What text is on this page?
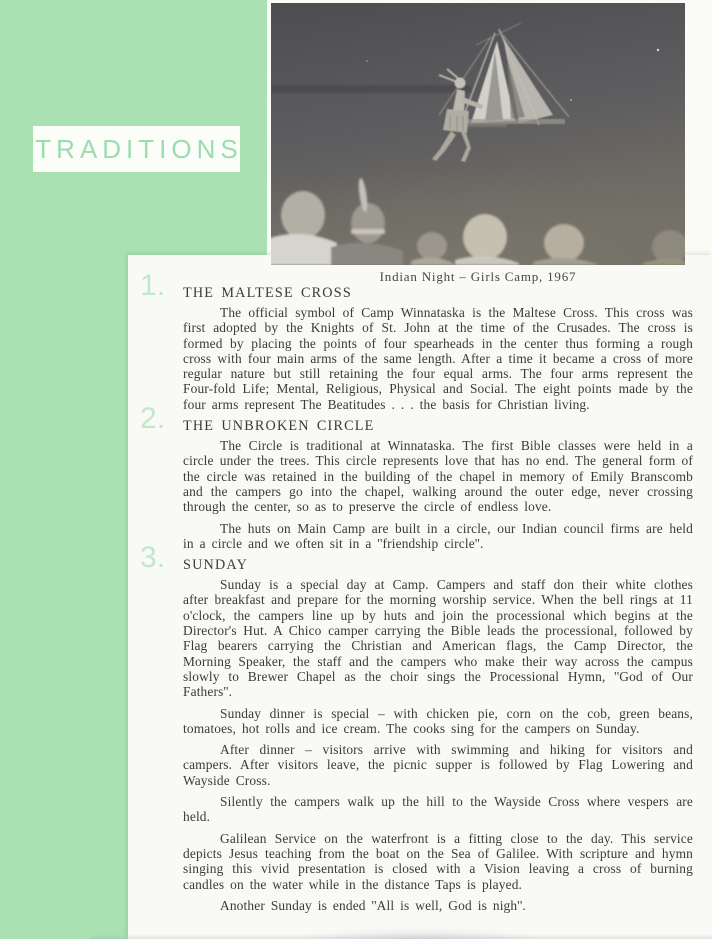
TRADITIONS
Indian Night – Girls Camp, 1967
1. THE MALTESE CROSS

The official symbol of Camp Winnataska is the Maltese Cross. This cross was first adopted by the Knights of St. John at the time of the Crusades. The cross is formed by placing the points of four spearheads in the center thus forming a rough cross with four main arms of the same length. After a time it became a cross of more regular nature but still retaining the four equal arms. The four arms represent the Four-fold Life; Mental, Religious, Physical and Social. The eight points made by the four arms represent The Beatitudes . . . the basis for Christian living.

2. THE UNBROKEN CIRCLE

The Circle is traditional at Winnataska. The first Bible classes were held in a circle under the trees. This circle represents love that has no end. The general form of the circle was retained in the building of the chapel in memory of Emily Branscomb and the campers go into the chapel, walking around the outer edge, never crossing through the center, so as to preserve the circle of endless love.

The huts on Main Camp are built in a circle, our Indian council firms are held in a circle and we often sit in a ''friendship circle''.

3. SUNDAY

Sunday is a special day at Camp. Campers and staff don their white clothes after breakfast and prepare for the morning worship service. When the bell rings at 11 o'clock, the campers line up by huts and join the processional which begins at the Director's Hut. A Chico camper carrying the Bible leads the processional, followed by Flag bearers carrying the Christian and American flags, the Camp Director, the Morning Speaker, the staff and the campers who make their way across the campus slowly to Brewer Chapel as the choir sings the Processional Hymn, ''God of Our Fathers''.

Sunday dinner is special – with chicken pie, corn on the cob, green beans, tomatoes, hot rolls and ice cream. The cooks sing for the campers on Sunday.

After dinner – visitors arrive with swimming and hiking for visitors and campers. After visitors leave, the picnic supper is followed by Flag Lowering and Wayside Cross.

Silently the campers walk up the hill to the Wayside Cross where vespers are held.

Galilean Service on the waterfront is a fitting close to the day. This service depicts Jesus teaching from the boat on the Sea of Galilee. With scripture and hymn singing this vivid presentation is closed with a Vision leaving a cross of burning candles on the water while in the distance Taps is played.

Another Sunday is ended ''All is well, God is nigh''.
